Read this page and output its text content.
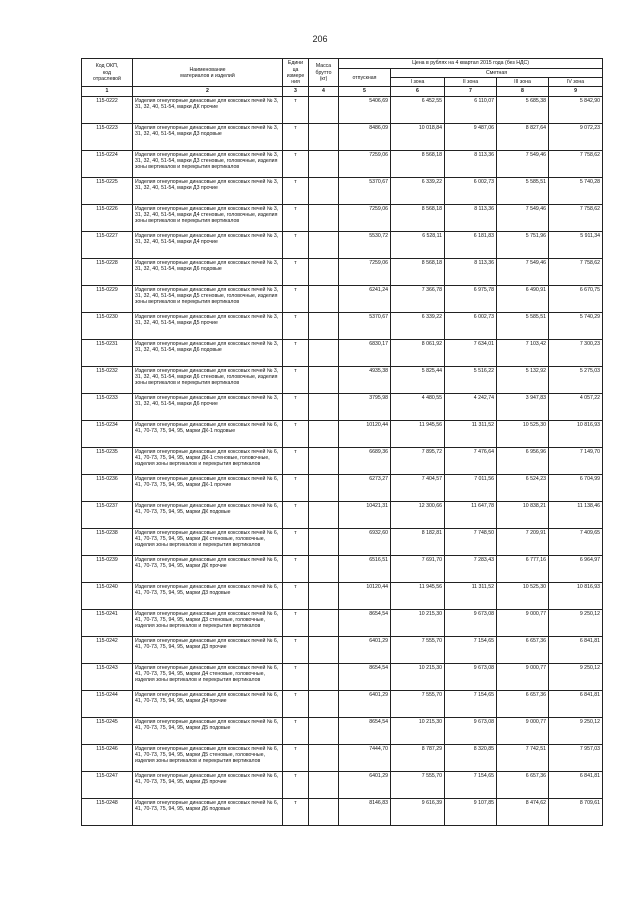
206
Код ОКП,
код
отраслевой	Наименование
материалов и изделий	Едини
ца
измере
ния	Масса
брутто
(кг)	Цена в рублях на 4 квартал 2015 года (без НДС)				
				отпускная	Сметная			
					I зона	II зона	III зона	IV зона
1	2	3	4	5	6	7	8	9
115-0222	Изделия огнеупорные динасовые для коксовых печей № 3, 31, 32, 40, 51-54, марки ДК прочие	т		5406,69	6 452,55	6 110,07	5 685,38	5 842,90
115-0223	Изделия огнеупорные динасовые для коксовых печей № 3, 31, 32, 40, 51-54, марки Д3 подовые	т		8486,09	10 018,84	9 487,06	8 827,64	9 072,23
115-0224	Изделия огнеупорные динасовые для коксовых печей № 3, 31, 32, 40, 51-54, марки Д3 стеновые, головочные, изделия зоны вертикалов и перекрытия вертикалов	т		7259,06	8 568,18	8 113,36	7 549,46	7 758,62
115-0225	Изделия огнеупорные динасовые для коксовых печей № 3, 31, 32, 40, 51-54, марки Д3 прочие	т		5370,67	6 339,22	6 002,73	5 585,51	5 740,28
115-0226	Изделия огнеупорные динасовые для коксовых печей № 3, 31, 32, 40, 51-54, марки Д4 стеновые, головочные, изделия зоны вертикалов и перекрытия вертикалов	т		7259,06	8 568,18	8 113,36	7 549,46	7 758,62
115-0227	Изделия огнеупорные динасовые для коксовых печей № 3, 31, 32, 40, 51-54, марки Д4 прочие	т		5530,72	6 528,11	6 181,83	5 751,96	5 911,34
115-0228	Изделия огнеупорные динасовые для коксовых печей № 3, 31, 32, 40, 51-54, марки Д6 подовые	т		7259,06	8 568,18	8 113,36	7 549,46	7 758,62
115-0229	Изделия огнеупорные динасовые для коксовых печей № 3, 31, 32, 40, 51-54, марки Д5 стеновые, головочные, изделия зоны вертикалов и перекрытия вертикалов	т		6241,24	7 366,78	6 975,78	6 490,91	6 670,75
115-0230	Изделия огнеупорные динасовые для коксовых печей № 3, 31, 32, 40, 51-54, марки Д5 прочие	т		5370,67	6 339,22	6 002,73	5 585,51	5 740,29
115-0231	Изделия огнеупорные динасовые для коксовых печей № 3, 31, 32, 40, 51-54, марки Д6 подовые	т		6830,17	8 061,92	7 634,01	7 103,42	7 300,23
115-0232	Изделия огнеупорные динасовые для коксовых печей № 3, 31, 32, 40, 51-54, марки Д6 стеновые, головочные, изделия зоны вертикалов и перекрытия вертикалов	т		4935,38	5 825,44	5 516,22	5 132,92	5 275,03
115-0233	Изделия огнеупорные динасовые для коксовых печей № 3, 31, 32, 40, 51-54, марки Д6 прочие	т		3795,98	4 480,55	4 242,74	3 947,83	4 057,22
115-0234	Изделия огнеупорные динасовые для коксовых печей № 6, 41, 70-73, 75, 94, 95, марки ДК-1 подовые	т		10120,44	11 945,56	11 311,52	10 525,30	10 816,93
115-0235	Изделия огнеупорные динасовые для коксовых печей № 6, 41, 70-73, 75, 94, 95, марки ДК-1 стеновые, головочные, изделия зоны вертикалов и перекрытия вертикалов	т		6689,36	7 895,72	7 476,64	6 956,96	7 149,70
115-0236	Изделия огнеупорные динасовые для коксовых печей № 6, 41, 70-73, 75, 94, 95, марки ДК-1 прочие	т		6273,27	7 404,57	7 011,56	6 524,23	6 704,99
115-0237	Изделия огнеупорные динасовые для коксовых печей № 6, 41, 70-73, 75, 94, 95, марки ДК подовые	т		10421,31	12 300,66	11 647,78	10 838,21	11 138,46
115-0238	Изделия огнеупорные динасовые для коксовых печей № 6, 41, 70-73, 75, 94, 95, марки ДК стеновые, головочные, изделия зоны вертикалов и перекрытия вертикалов	т		6932,60	8 182,81	7 748,50	7 209,91	7 409,65
115-0239	Изделия огнеупорные динасовые для коксовых печей № 6, 41, 70-73, 75, 94, 95, марки ДК прочие	т		6516,51	7 691,70	7 283,43	6 777,16	6 964,97
115-0240	Изделия огнеупорные динасовые для коксовых печей № 6, 41, 70-73, 75, 94, 95, марки Д3 подовые	т		10120,44	11 945,56	11 311,52	10 525,30	10 816,93
115-0241	Изделия огнеупорные динасовые для коксовых печей № 6, 41, 70-73, 75, 94, 95, марки Д3 стеновые, головочные, изделия зоны вертикалов и перекрытия вертикалов	т		8654,54	10 215,30	9 673,08	9 000,77	9 250,12
115-0242	Изделия огнеупорные динасовые для коксовых печей № 6, 41, 70-73, 75, 94, 95, марки Д3 прочие	т		6401,29	7 555,70	7 154,65	6 657,36	6 841,81
115-0243	Изделия огнеупорные динасовые для коксовых печей № 6, 41, 70-73, 75, 94, 95, марки Д4 стеновые, головочные, изделия зоны вертикалов и перекрытия вертикалов	т		8654,54	10 215,30	9 673,08	9 000,77	9 250,12
115-0244	Изделия огнеупорные динасовые для коксовых печей № 6, 41, 70-73, 75, 94, 95, марки Д4 прочие	т		6401,29	7 555,70	7 154,65	6 657,36	6 841,81
115-0245	Изделия огнеупорные динасовые для коксовых печей № 6, 41, 70-73, 75, 94, 95, марки Д5 подовые	т		8654,54	10 215,30	9 673,08	9 000,77	9 250,12
115-0246	Изделия огнеупорные динасовые для коксовых печей № 6, 41, 70-73, 75, 94, 95, марки Д5 стеновые, головочные, изделия зоны вертикалов и перекрытия вертикалов	т		7444,70	8 787,29	8 320,85	7 742,51	7 957,03
115-0247	Изделия огнеупорные динасовые для коксовых печей № 6, 41, 70-73, 75, 94, 95, марки Д5 прочие	т		6401,29	7 555,70	7 154,65	6 657,36	6 841,81
115-0248	Изделия огнеупорные динасовые для коксовых печей № 6, 41, 70-73, 75, 94, 95, марки Д6 подовые	т		8146,83	9 616,39	9 107,85	8 474,62	8 709,61
